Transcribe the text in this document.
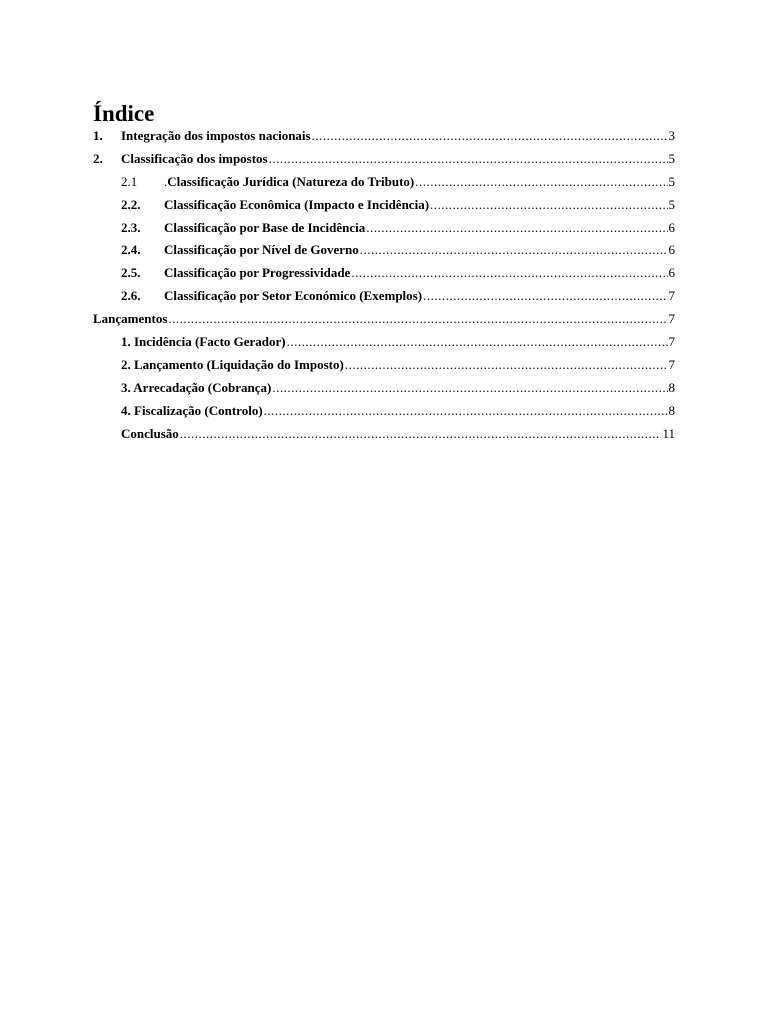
Índice
1.	Integração dos impostos nacionais .....	3
2.	Classificação dos impostos .....	5
2.1	. Classificação Jurídica (Natureza do Tributo) .....	5
2.2.	Classificação Econômica (Impacto e Incidência) .....	5
2.3.	Classificação por Base de Incidência .....	6
2.4.	Classificação por Nível de Governo .....	6
2.5.	Classificação por Progressividade .....	6
2.6.	Classificação por Setor Económico (Exemplos) .....	7
Lançamentos .....	7
1. Incidência (Facto Gerador) .....	7
2. Lançamento (Liquidação do Imposto) .....	7
3. Arrecadação (Cobrança) .....	8
4. Fiscalização (Controlo) .....	8
Conclusão .....	11
